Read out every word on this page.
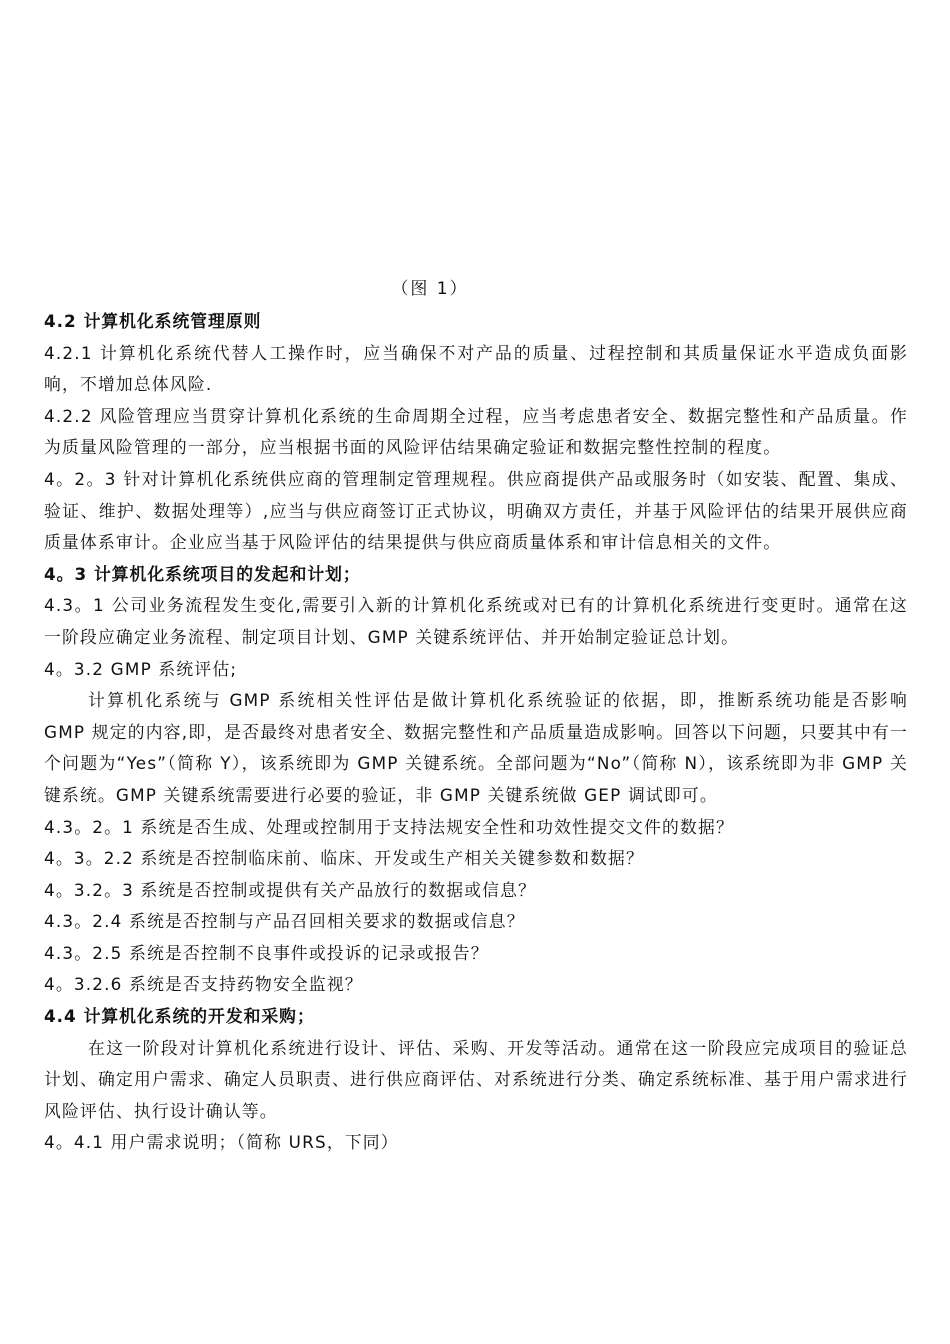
（图 1）

4.2 计算机化系统管理原则

4.2.1 计算机化系统代替人工操作时，应当确保不对产品的质量、过程控制和其质量保证水平造成负面影响，不增加总体风险.

4.2.2 风险管理应当贯穿计算机化系统的生命周期全过程，应当考虑患者安全、数据完整性和产品质量。作为质量风险管理的一部分，应当根据书面的风险评估结果确定验证和数据完整性控制的程度。

4。2。3 针对计算机化系统供应商的管理制定管理规程。供应商提供产品或服务时（如安装、配置、集成、验证、维护、数据处理等）,应当与供应商签订正式协议，明确双方责任，并基于风险评估的结果开展供应商质量体系审计。企业应当基于风险评估的结果提供与供应商质量体系和审计信息相关的文件。

4。3 计算机化系统项目的发起和计划；

4.3。1 公司业务流程发生变化,需要引入新的计算机化系统或对已有的计算机化系统进行变更时。通常在这一阶段应确定业务流程、制定项目计划、GMP 关键系统评估、并开始制定验证总计划。

4。3.2 GMP 系统评估;

计算机化系统与 GMP 系统相关性评估是做计算机化系统验证的依据，即，推断系统功能是否影响 GMP 规定的内容,即，是否最终对患者安全、数据完整性和产品质量造成影响。回答以下问题，只要其中有一个问题为“Yes”（简称 Y），该系统即为 GMP 关键系统。全部问题为“No”（简称 N），该系统即为非 GMP 关键系统。GMP 关键系统需要进行必要的验证，非 GMP 关键系统做 GEP 调试即可。

4.3。2。1 系统是否生成、处理或控制用于支持法规安全性和功效性提交文件的数据？

4。3。2.2 系统是否控制临床前、临床、开发或生产相关关键参数和数据？

4。3.2。3 系统是否控制或提供有关产品放行的数据或信息？

4.3。2.4 系统是否控制与产品召回相关要求的数据或信息？

4.3。2.5 系统是否控制不良事件或投诉的记录或报告？

4。3.2.6 系统是否支持药物安全监视？

4.4 计算机化系统的开发和采购；

在这一阶段对计算机化系统进行设计、评估、采购、开发等活动。通常在这一阶段应完成项目的验证总计划、确定用户需求、确定人员职责、进行供应商评估、对系统进行分类、确定系统标准、基于用户需求进行风险评估、执行设计确认等。

4。4.1 用户需求说明；（简称 URS，下同）
